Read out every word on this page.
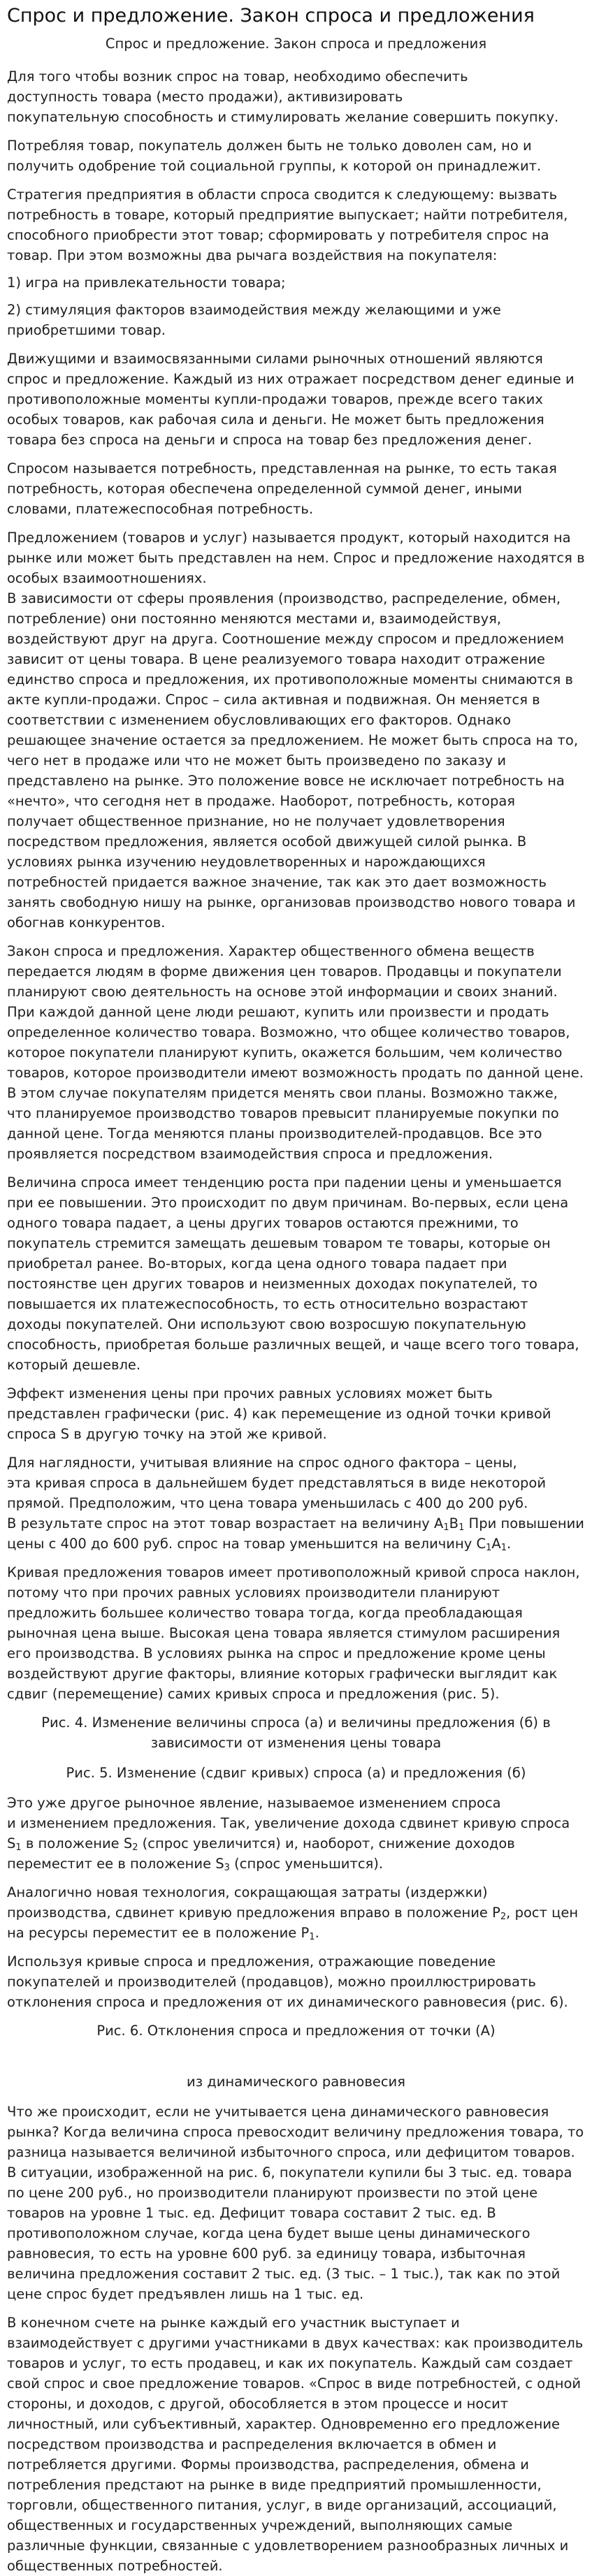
Спрос и предложение. Закон спроса и предложения

Спрос и предложение. Закон спроса и предложения

Для того чтобы возник спрос на товар, необходимо обеспечить
доступность товара (место продажи), активизировать
покупательную способность и стимулировать желание совершить покупку.

Потребляя товар, покупатель должен быть не только доволен сам, но и получить одобрение той социальной группы, к которой он принадлежит.

Стратегия предприятия в области спроса сводится к следующему: вызвать потребность в товаре, который предприятие выпускает; найти потребителя, способного приобрести этот товар; сформировать у потребителя спрос на товар. При этом возможны два рычага воздействия на покупателя:

1) игра на привлекательности товара;

2) стимуляция факторов взаимодействия между желающими и уже приобретшими товар.

Движущими и взаимосвязанными силами рыночных отношений являются спрос и предложение. Каждый из них отражает посредством денег единые и противоположные моменты купли-продажи товаров, прежде всего таких особых товаров, как рабочая сила и деньги. Не может быть предложения товара без спроса на деньги и спроса на товар без предложения денег.

Спросом называется потребность, представленная на рынке, то есть такая потребность, которая обеспечена определенной суммой денег, иными словами, платежеспособная потребность.

Предложением (товаров и услуг) называется продукт, который находится на рынке или может быть представлен на нем. Спрос и предложение находятся в особых взаимоотношениях.
В зависимости от сферы проявления (производство, распределение, обмен, потребление) они постоянно меняются местами и, взаимодействуя, воздействуют друг на друга. Соотношение между спросом и предложением зависит от цены товара. В цене реализуемого товара находит отражение единство спроса и предложения, их противоположные моменты снимаются в акте купли-продажи. Спрос – сила активная и подвижная. Он меняется в соответствии с изменением обусловливающих его факторов. Однако решающее значение остается за предложением. Не может быть спроса на то, чего нет в продаже или что не может быть произведено по заказу и представлено на рынке. Это положение вовсе не исключает потребность на «нечто», что сегодня нет в продаже. Наоборот, потребность, которая получает общественное признание, но не получает удовлетворения посредством предложения, является особой движущей силой рынка. В условиях рынка изучению неудовлетворенных и нарождающихся потребностей придается важное значение, так как это дает возможность занять свободную нишу на рынке, организовав производство нового товара и обогнав конкурентов.

Закон спроса и предложения. Характер общественного обмена веществ передается людям в форме движения цен товаров. Продавцы и покупатели планируют свою деятельность на основе этой информации и своих знаний. При каждой данной цене люди решают, купить или произвести и продать определенное количество товара. Возможно, что общее количество товаров, которое покупатели планируют купить, окажется большим, чем количество товаров, которое производители имеют возможность продать по данной цене. В этом случае покупателям придется менять свои планы. Возможно также, что планируемое производство товаров превысит планируемые покупки по данной цене. Тогда меняются планы производителей-продавцов. Все это проявляется посредством взаимодействия спроса и предложения.

Величина спроса имеет тенденцию роста при падении цены и уменьшается при ее повышении. Это происходит по двум причинам. Во-первых, если цена одного товара падает, а цены других товаров остаются прежними, то покупатель стремится замещать дешевым товаром те товары, которые он приобретал ранее. Во-вторых, когда цена одного товара падает при постоянстве цен других товаров и неизменных доходах покупателей, то повышается их платежеспособность, то есть относительно возрастают доходы покупателей. Они используют свою возросшую покупательную способность, приобретая больше различных вещей, и чаще всего того товара, который дешевле.

Эффект изменения цены при прочих равных условиях может быть представлен графически (рис. 4) как перемещение из одной точки кривой спроса S в другую точку на этой же кривой.

Для наглядности, учитывая влияние на спрос одного фактора – цены,
эта кривая спроса в дальнейшем будет представляться в виде некоторой прямой. Предположим, что цена товара уменьшилась с 400 до 200 руб.
В результате спрос на этот товар возрастает на величину $A_1B_1$ При повышении цены с 400 до 600 руб. спрос на товар уменьшится на величину $C_1A_1$.

Кривая предложения товаров имеет противоположный кривой спроса наклон, потому что при прочих равных условиях производители планируют предложить большее количество товара тогда, когда преобладающая рыночная цена выше. Высокая цена товара является стимулом расширения его производства. В условиях рынка на спрос и предложение кроме цены воздействуют другие факторы, влияние которых графически выглядит как сдвиг (перемещение) самих кривых спроса и предложения (рис. 5).

Рис. 4. Изменение величины спроса (а) и величины предложения (б) в
зависимости от изменения цены товара

Рис. 5. Изменение (сдвиг кривых) спроса (а) и предложения (б)

Это уже другое рыночное явление, называемое изменением спроса
и изменением предложения. Так, увеличение дохода сдвинет кривую спроса $S_1$ в положение $S_2$ (спрос увеличится) и, наоборот, снижение доходов переместит ее в положение $S_3$ (спрос уменьшится).

Аналогично новая технология, сокращающая затраты (издержки) производства, сдвинет кривую предложения вправо в положение $P_2$, рост цен на ресурсы переместит ее в положение $P_1$.

Используя кривые спроса и предложения, отражающие поведение покупателей и производителей (продавцов), можно проиллюстрировать отклонения спроса и предложения от их динамического равновесия (рис. 6).

Рис. 6. Отклонения спроса и предложения от точки (А)

из динамического равновесия

Что же происходит, если не учитывается цена динамического равновесия рынка? Когда величина спроса превосходит величину предложения товара, то разница называется величиной избыточного спроса, или дефицитом товаров. В ситуации, изображенной на рис. 6, покупатели купили бы 3 тыс. ед. товара по цене 200 руб., но производители планируют произвести по этой цене товаров на уровне 1 тыс. ед. Дефицит товара составит 2 тыс. ед. В противоположном случае, когда цена будет выше цены динамического равновесия, то есть на уровне 600 руб. за единицу товара, избыточная величина предложения составит 2 тыс. ед. (3 тыс. – 1 тыс.), так как по этой цене спрос будет предъявлен лишь на 1 тыс. ед.

В конечном счете на рынке каждый его участник выступает и взаимодействует с другими участниками в двух качествах: как производитель товаров и услуг, то есть продавец, и как их покупатель. Каждый сам создает свой спрос и свое предложение товаров. «Спрос в виде потребностей, с одной стороны, и доходов, с другой, обособляется в этом процессе и носит личностный, или субъективный, характер. Одновременно его предложение посредством производства и распределения включается в обмен и потребляется другими. Формы производства, распределения, обмена и потребления предстают на рынке в виде предприятий промышленности, торговли, общественного питания, услуг, в виде организаций, ассоциаций, общественных и государственных учреждений, выполняющих самые различные функции, связанные с удовлетворением разнообразных личных и общественных потребностей.
